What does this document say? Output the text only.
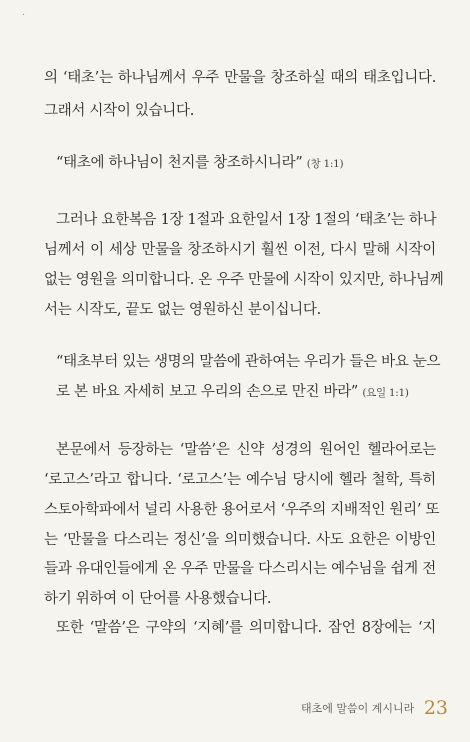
·
의 ‘태초’는 하나님께서 우주 만물을 창조하실 때의 태초입니다.
그래서 시작이 있습니다.
“태초에 하나님이 천지를 창조하시니라” (창 1:1)
그러나 요한복음 1장 1절과 요한일서 1장 1절의 ‘태초’는 하나
님께서 이 세상 만물을 창조하시기 훨씬 이전, 다시 말해 시작이
없는 영원을 의미합니다. 온 우주 만물에 시작이 있지만, 하나님께
서는 시작도, 끝도 없는 영원하신 분이십니다.
“태초부터 있는 생명의 말씀에 관하여는 우리가 들은 바요 눈으
로 본 바요 자세히 보고 우리의 손으로 만진 바라” (요일 1:1)
본문에서 등장하는 ‘말씀’은 신약 성경의 원어인 헬라어로는
‘로고스’라고 합니다. ‘로고스’는 예수님 당시에 헬라 철학, 특히
스토아학파에서 널리 사용한 용어로서 ‘우주의 지배적인 원리’ 또
는 ‘만물을 다스리는 정신’을 의미했습니다. 사도 요한은 이방인
들과 유대인들에게 온 우주 만물을 다스리시는 예수님을 쉽게 전
하기 위하여 이 단어를 사용했습니다.
또한 ‘말씀’은 구약의 ‘지혜’를 의미합니다. 잠언 8장에는 ‘지
태초에 말씀이 계시니라 23
